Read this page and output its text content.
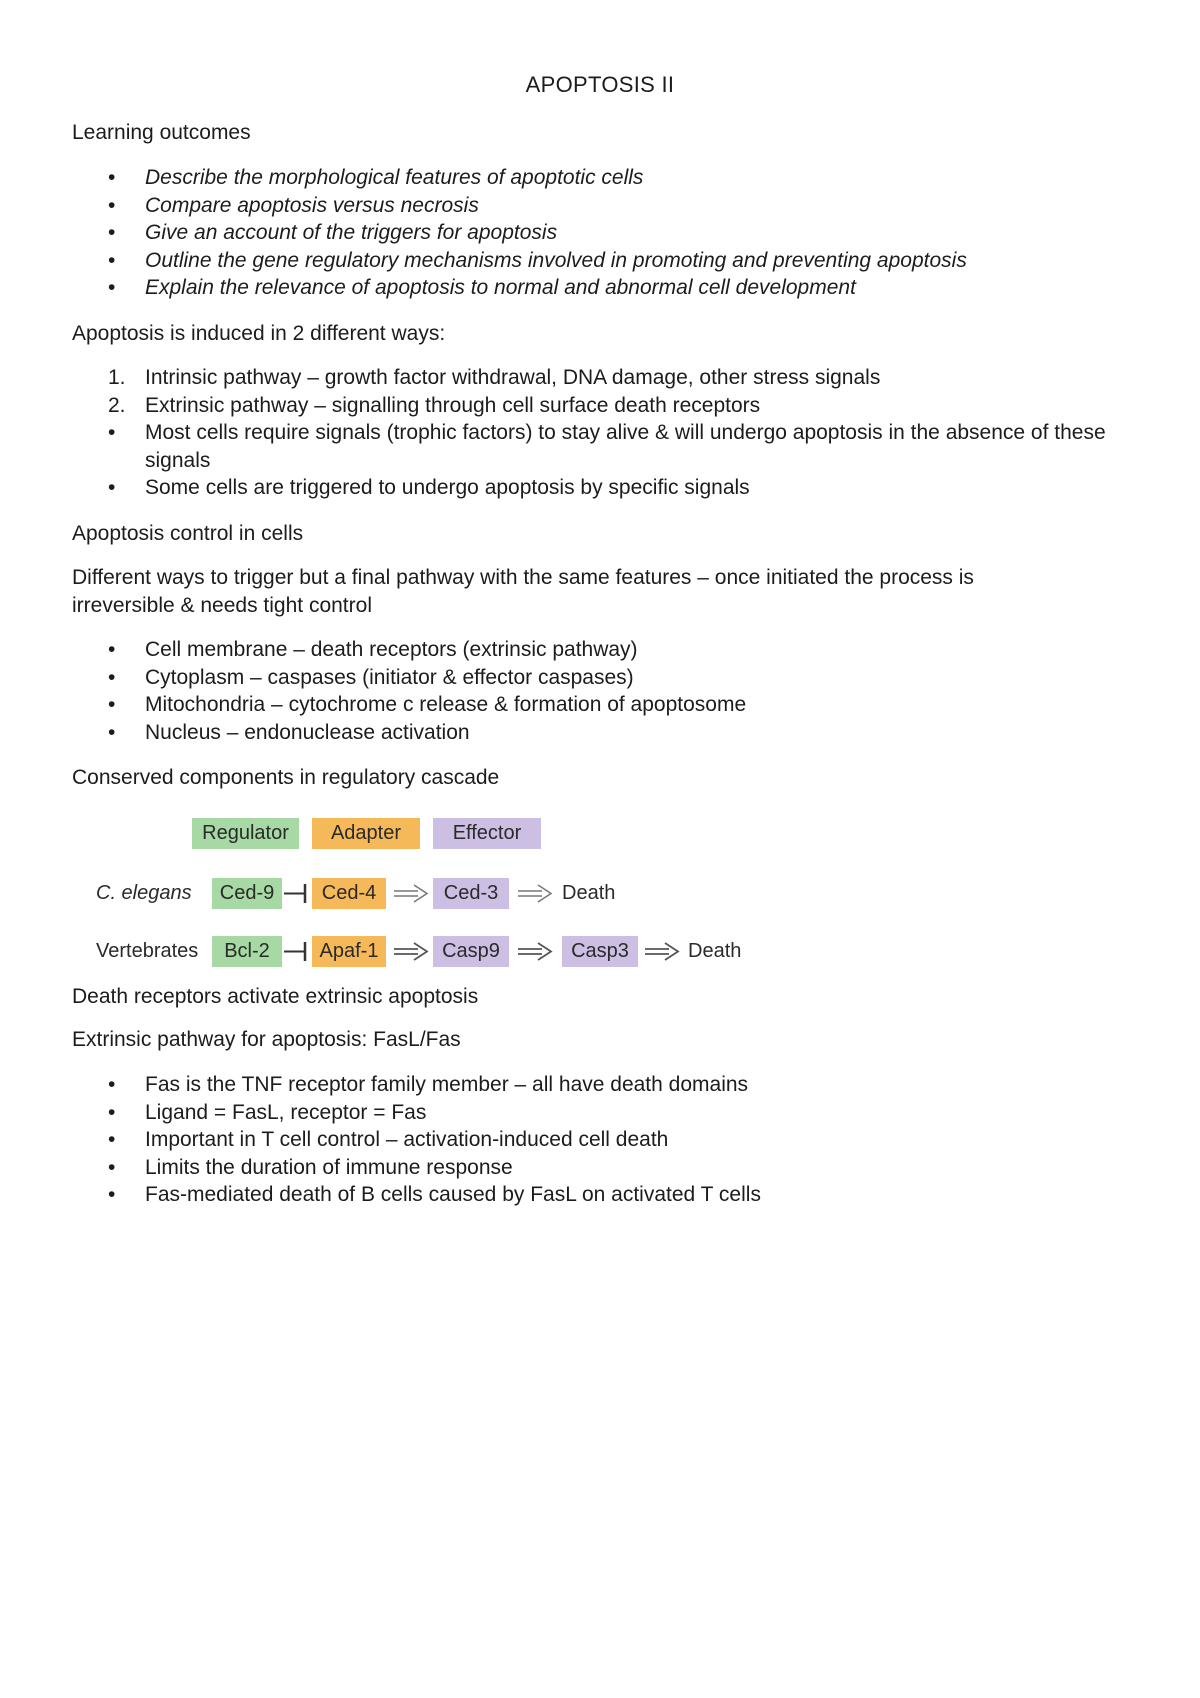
APOPTOSIS II
Learning outcomes
•	Describe the morphological features of apoptotic cells
•	Compare apoptosis versus necrosis
•	Give an account of the triggers for apoptosis
•	Outline the gene regulatory mechanisms involved in promoting and preventing apoptosis
•	Explain the relevance of apoptosis to normal and abnormal cell development
Apoptosis is induced in 2 different ways:
1. Intrinsic pathway – growth factor withdrawal, DNA damage, other stress signals
2. Extrinsic pathway – signalling through cell surface death receptors
•	Most cells require signals (trophic factors) to stay alive & will undergo apoptosis in the absence of these signals
•	Some cells are triggered to undergo apoptosis by specific signals
Apoptosis control in cells
Different ways to trigger but a final pathway with the same features – once initiated the process is irreversible & needs tight control
•	Cell membrane – death receptors (extrinsic pathway)
•	Cytoplasm – caspases (initiator & effector caspases)
•	Mitochondria – cytochrome c release & formation of apoptosome
•	Nucleus – endonuclease activation
Conserved components in regulatory cascade
Regulator	Adapter	Effector
C. elegans	Ced-9	Ced-4	Ced-3	Death
Vertebrates	Bcl-2	Apaf-1	Casp9	Casp3	Death
Death receptors activate extrinsic apoptosis
Extrinsic pathway for apoptosis: FasL/Fas
•	Fas is the TNF receptor family member – all have death domains
•	Ligand = FasL, receptor = Fas
•	Important in T cell control – activation-induced cell death
•	Limits the duration of immune response
•	Fas-mediated death of B cells caused by FasL on activated T cells
